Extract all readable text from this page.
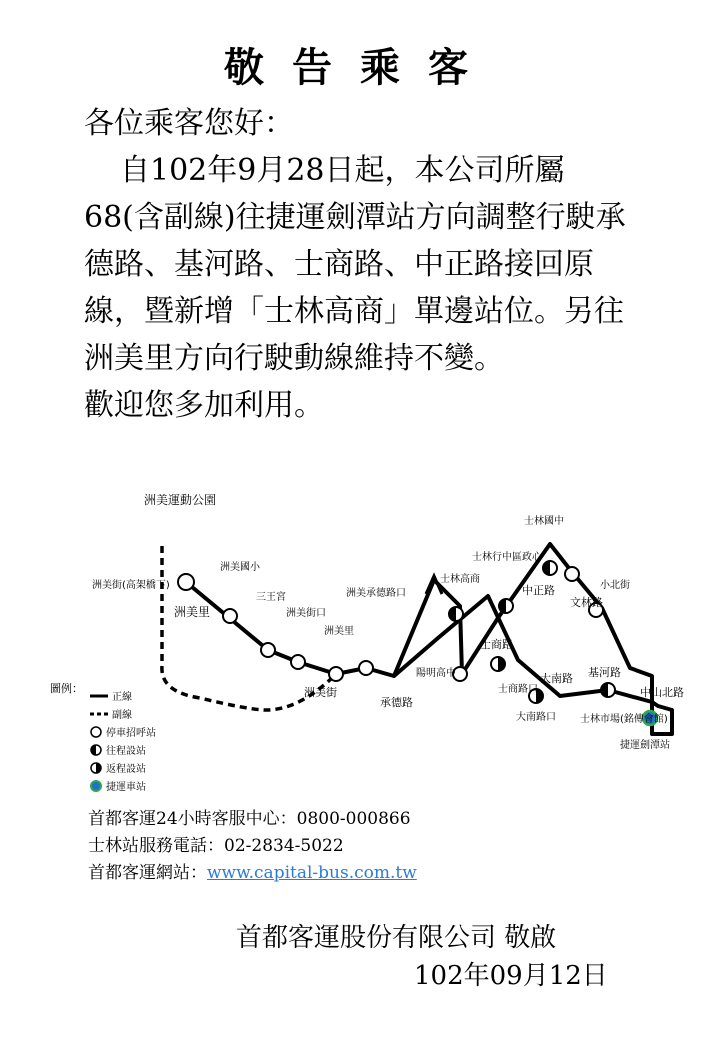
敬告乘客

各位乘客您好：

自102年9月28日起，本公司所屬68(含副線)往捷運劍潭站方向調整行駛承德路、基河路、士商路、中正路接回原線，暨新增「士林高商」單邊站位。另往洲美里方向行駛動線維持不變。

歡迎您多加利用。

洲美運動公園
洲美街(高架橋下)
洲美里
洲美國小
三王宮
洲美街口
洲美里
洲美承德路口
陽明高中
士林高商
士林國中
士林行中區政心
士商路口
大南路口 士林市場(銘傳會館)
捷運劍潭站
小北街
洲美街
承德路
中正路
文林路
大南路 基河路
中山北路
士商路
圖例：
正線
副線
停車招呼站
往程設站
返程設站
捷運車站
首都客運24小時客服中心：0800-000866
士林站服務電話：02-2834-5022
首都客運網站：www.capital-bus.com.tw
首都客運股份有限公司 敬啟
102年09月12日
